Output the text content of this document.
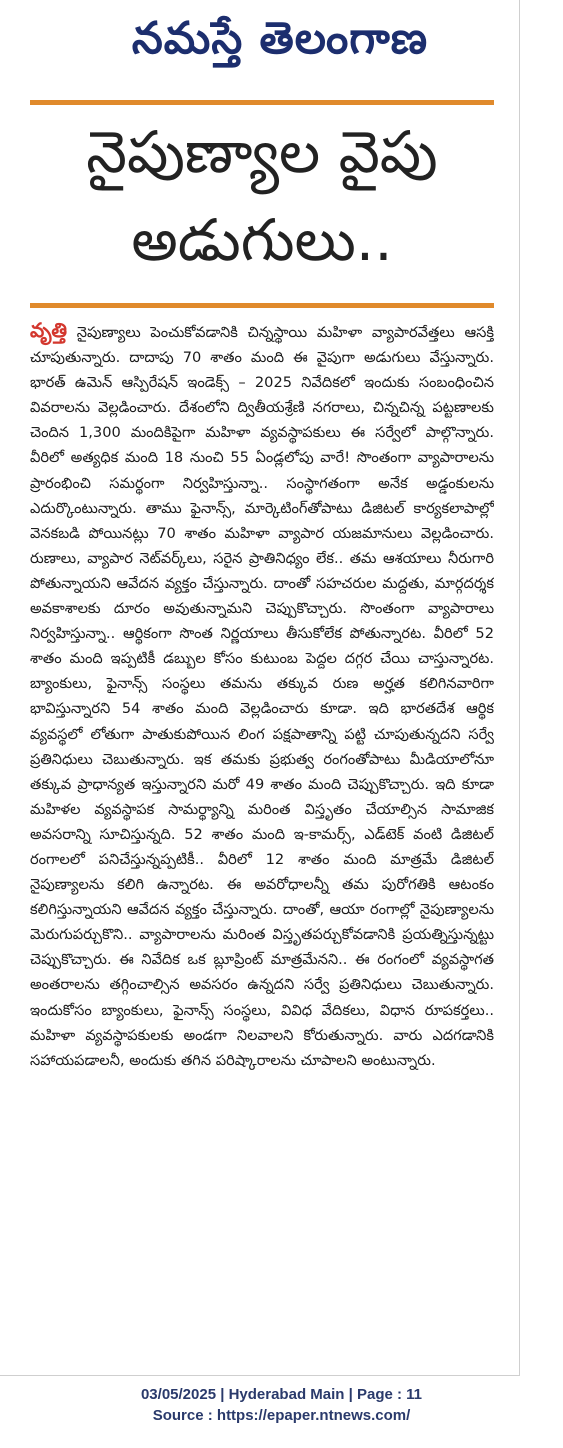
నమస్తే తెలంగాణ
నైపుణ్యాల వైపు
అడుగులు..

వృత్తి నైపుణ్యాలు పెంచుకోవడానికి చిన్నస్థాయి మహిళా వ్యాపారవేత్తలు ఆసక్తి చూపుతున్నారు. దాదాపు 70 శాతం మంది ఈ వైపుగా అడుగులు వేస్తున్నారు. భారత్ ఉమెన్ ఆస్పిరేషన్ ఇండెక్స్ – 2025 నివేదికలో ఇందుకు సంబంధించిన వివరాలను వెల్లడించారు. దేశంలోని ద్వితీయశ్రేణి నగరాలు, చిన్నచిన్న పట్టణాలకు చెందిన 1,300 మందికిపైగా మహిళా వ్యవస్థాపకులు ఈ సర్వేలో పాల్గొన్నారు. వీరిలో అత్యధిక మంది 18 నుంచి 55 ఏండ్లలోపు వారే! సొంతంగా వ్యాపారాలను ప్రారంభించి సమర్థంగా నిర్వహిస్తున్నా.. సంస్థాగతంగా అనేక అడ్డంకులను ఎదుర్కొంటున్నారు. తాము ఫైనాన్స్, మార్కెటింగ్‌తోపాటు డిజిటల్ కార్యకలాపాల్లో వెనకబడి పోయినట్లు 70 శాతం మహిళా వ్యాపార యజమానులు వెల్లడించారు. రుణాలు, వ్యాపార నెట్‌వర్క్‌లు, సరైన ప్రాతినిధ్యం లేక.. తమ ఆశయాలు నీరుగారి పోతున్నాయని ఆవేదన వ్యక్తం చేస్తున్నారు. దాంతో సహచరుల మద్దతు, మార్గదర్శక అవకాశాలకు దూరం అవుతున్నామని చెప్పుకొచ్చారు. సొంతంగా వ్యాపారాలు నిర్వహిస్తున్నా.. ఆర్థికంగా సొంత నిర్ణయాలు తీసుకోలేక పోతున్నారట. వీరిలో 52 శాతం మంది ఇప్పటికీ డబ్బుల కోసం కుటుంబ పెద్దల దగ్గర చేయి చాస్తున్నారట. బ్యాంకులు, ఫైనాన్స్ సంస్థలు తమను తక్కువ రుణ అర్హత కలిగినవారిగా భావిస్తున్నారని 54 శాతం మంది వెల్లడించారు కూడా. ఇది భారతదేశ ఆర్థిక వ్యవస్థలో లోతుగా పాతుకుపోయిన లింగ పక్షపాతాన్ని పట్టి చూపుతున్నదని సర్వే ప్రతినిధులు చెబుతున్నారు. ఇక తమకు ప్రభుత్వ రంగంతోపాటు మీడియాలోనూ తక్కువ ప్రాధాన్యత ఇస్తున్నారని మరో 49 శాతం మంది చెప్పుకొచ్చారు. ఇది కూడా మహిళల వ్యవస్థాపక సామర్థ్యాన్ని మరింత విస్తృతం చేయాల్సిన సామాజిక అవసరాన్ని సూచిస్తున్నది. 52 శాతం మంది ఇ-కామర్స్, ఎడ్‌టెక్ వంటి డిజిటల్ రంగాలలో పనిచేస్తున్నప్పటికీ.. వీరిలో 12 శాతం మంది మాత్రమే డిజిటల్ నైపుణ్యాలను కలిగి ఉన్నారట. ఈ అవరోధాలన్నీ తమ పురోగతికి ఆటంకం కలిగిస్తున్నాయని ఆవేదన వ్యక్తం చేస్తున్నారు. దాంతో, ఆయా రంగాల్లో నైపుణ్యాలను మెరుగుపర్చుకొని.. వ్యాపారాలను మరింత విస్తృతపర్చుకోవడానికి ప్రయత్నిస్తున్నట్టు చెప్పుకొచ్చారు. ఈ నివేదిక ఒక బ్లూప్రింట్ మాత్రమేనని.. ఈ రంగంలో వ్యవస్థాగత అంతరాలను తగ్గించాల్సిన అవసరం ఉన్నదని సర్వే ప్రతినిధులు చెబుతున్నారు. ఇందుకోసం బ్యాంకులు, ఫైనాన్స్ సంస్థలు, వివిధ వేదికలు, విధాన రూపకర్తలు.. మహిళా వ్యవస్థాపకులకు అండగా నిలవాలని కోరుతున్నారు. వారు ఎదగడానికి సహాయపడాలనీ, అందుకు తగిన పరిష్కారాలను చూపాలని అంటున్నారు.

03/05/2025 | Hyderabad Main | Page : 11
Source : https://epaper.ntnews.com/
